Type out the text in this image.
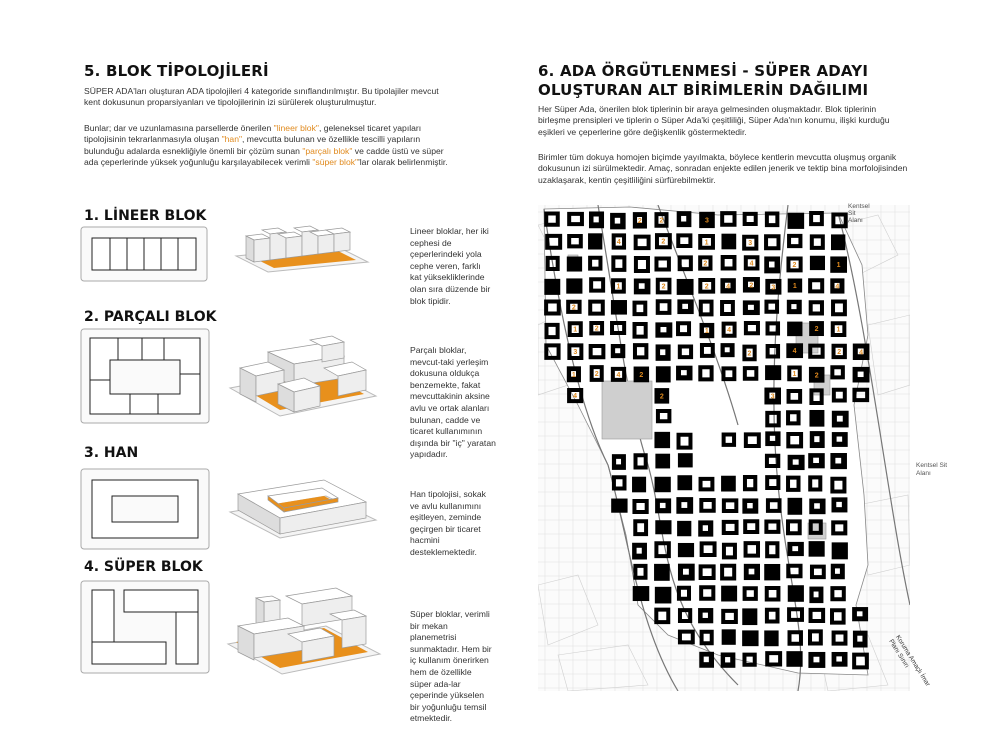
5. BLOK TİPOLOJİLERİ
SÜPER ADA'ları oluşturan ADA tipolojileri 4 kategoride sınıflandırılmıştır. Bu tipolajiler mevcut kent dokusunun proparsiyanları ve tipolojilerinin izi sürülerek oluşturulmuştur.
Bunlar; dar ve uzunlamasına parsellerde önerilen "lineer blok", geleneksel ticaret yapıları tipolojisinin tekrarlanmasıyla oluşan "han", mevcutta bulunan ve özellikle tescilli yapıların bulunduğu adalarda esnekliğiyle önemli bir çözüm sunan "parçalı blok" ve cadde üstü ve süper ada çeperlerinde yüksek yoğunluğu karşılayabilecek verimli "süper blok"'lar olarak belirlenmiştir.
1. LİNEER BLOK
Lineer bloklar, her iki cephesi de çeperlerindeki yola cephe veren, farklı kat yüksekliklerinde olan sıra düzende bir blok tipidir.
2. PARÇALI BLOK
Parçalı bloklar, mevcut-taki yerleşim dokusuna oldukça benzemekte, fakat mevcuttakinin aksine avlu ve ortak alanları bulunan, cadde ve ticaret kullanımının dışında bir "iç" yaratan yapıdadır.
3. HAN
Han tipolojisi, sokak ve avlu kullanımını eşitleyen, zeminde geçirgen bir ticaret hacmini desteklemektedir.
4. SÜPER BLOK
Süper bloklar, verimli bir mekan planemetrisi sunmaktadır. Hem bir iç kullanım önerirken hem de özellikle süper ada-lar çeperinde yükselen bir yoğunluğu temsil etmektedir.
6. ADA ÖRGÜTLENMESİ - SÜPER ADAYI OLUŞTURAN ALT BİRİMLERİN DAĞILIMI
Her Süper Ada, önerilen blok tiplerinin bir araya gelmesinden oluşmaktadır. Blok tiplerinin birleşme prensipleri ve tiplerin o Süper Ada'ki çeşitliliği, Süper Ada'nın konumu, ilişki kurduğu eşikleri ve çeperlerine göre değişkenlik göstermektedir.
Birimler tüm dokuya homojen biçimde yayılmakta, böylece kentlerin mevcutta oluşmuş organik dokusunun izi sürülmektedir. Amaç, sonradan enjekte edilen jenerik ve tektip bina morfolojisinden uzaklaşarak, kentin çeşitliliğini sürfürebilmektir.
2	2	3
4	2	1	3
2	4	2	1
1	2	2	4	2	3	1	4
2
1	2	1	4	2	1
3	2	4	2	4
1	2	4	2	1	2
4	2	3
Kentsel Sit Alanı
Kentsel Sit Alanı
Koruma Amaçlı İmar Planı Sınırı
